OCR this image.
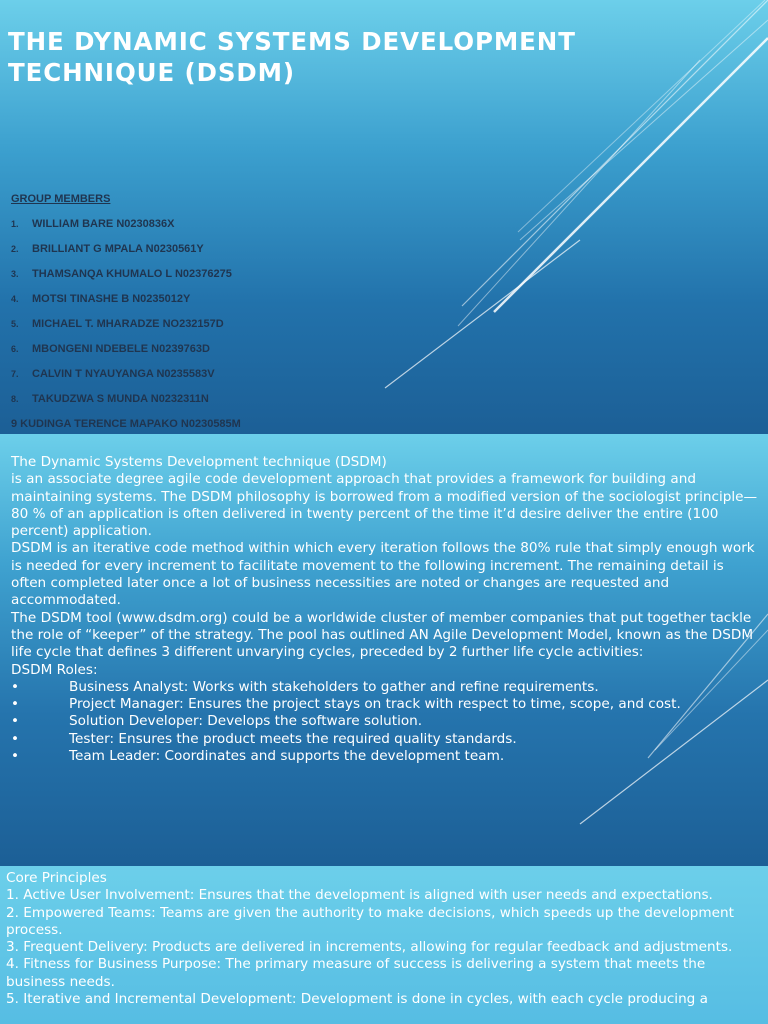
THE DYNAMIC SYSTEMS DEVELOPMENT
TECHNIQUE (DSDM)
GROUP MEMBERS
1. WILLIAM BARE N0230836X
2. BRILLIANT G MPALA N0230561Y
3. THAMSANQA KHUMALO L N02376275
4. MOTSI TINASHE B N0235012Y
5. MICHAEL T. MHARADZE NO232157D
6. MBONGENI NDEBELE N0239763D
7. CALVIN T NYAUYANGA N0235583V
8. TAKUDZWA S MUNDA N0232311N
9 KUDINGA TERENCE MAPAKO N0230585M

The Dynamic Systems Development technique (DSDM)

is an associate degree agile code development approach that provides a framework for building and maintaining systems. The DSDM philosophy is borrowed from a modified version of the sociologist principle—80 % of an application is often delivered in twenty percent of the time it’d desire deliver the entire (100 percent) application.

DSDM is an iterative code method within which every iteration follows the 80% rule that simply enough work is needed for every increment to facilitate movement to the following increment. The remaining detail is often completed later once a lot of business necessities are noted or changes are requested and accommodated.

The DSDM tool (www.dsdm.org) could be a worldwide cluster of member companies that put together tackle the role of “keeper” of the strategy. The pool has outlined AN Agile Development Model, known as the DSDM life cycle that defines 3 different unvarying cycles, preceded by 2 further life cycle activities:

DSDM Roles:

•	Business Analyst: Works with stakeholders to gather and refine requirements.
•	Project Manager: Ensures the project stays on track with respect to time, scope, and cost.
•	Solution Developer: Develops the software solution.
•	Tester: Ensures the product meets the required quality standards.
•	Team Leader: Coordinates and supports the development team.

Core Principles

1. Active User Involvement: Ensures that the development is aligned with user needs and expectations.

2. Empowered Teams: Teams are given the authority to make decisions, which speeds up the development process.

3. Frequent Delivery: Products are delivered in increments, allowing for regular feedback and adjustments.

4. Fitness for Business Purpose: The primary measure of success is delivering a system that meets the business needs.

5. Iterative and Incremental Development: Development is done in cycles, with each cycle producing a
